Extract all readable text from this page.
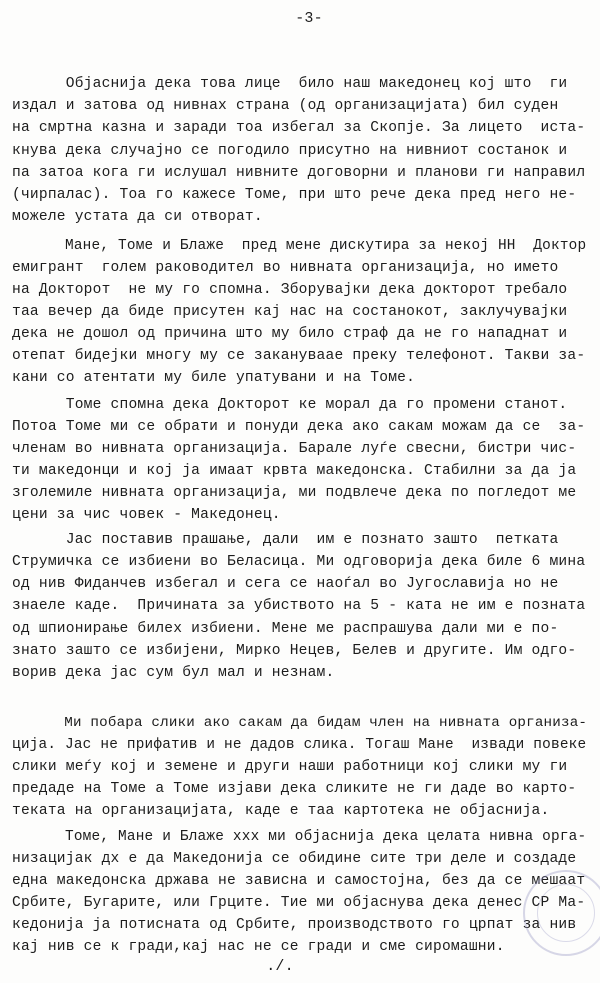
-3-
Објасниja дека това лице  било наш македонец кој што  ги
издал и затова од нивнах страна (од организацијата) бил суден
на смртна казна и заради тоа избегал за Скопје. За лицето  иста-
кнува дека случајно се погодило присутно на нивниот состанок и
па затоа кога ги ислушал нивните договорни и планови ги направил
(чирпалас). Тоа го кажесе Томе, при што рече дека пред него не-
можеле устата да си отворат.
Мане, Томе и Блаже  пред мене дискутира за некој НН  Доктор
емигрант  голем раководител во нивната организација, но името
на Докторот  не му го спомна. Зборувајки дека докторот требало
таа вечер да биде присутен кај нас на состанокот, заклучувајки
дека не дошол од причина што му било страф да не го нападнат и
отепат бидејки многу му се закануваае преку телефонот. Такви за-
кани со атентати му биле упатувани и на Томе.
Томе спомна дека Докторот ке морал да го промени станот.
Потоа Томе ми се обрати и понуди дека ако сакам можам да се  за-
членам во нивната организација. Барале луѓе свесни, бистри чис-
ти македонци и кој ја имаат крвта македонска. Стабилни за да ја
зголемиле нивната организација, ми подвлече дека по погледот ме
цени за чис човек - Македонец.
Јас поставив прашање, дали  им е познато зашто  петката
Струмичка се избиени во Беласица. Ми одговорија дека биле 6 мина
од нив Фиданчев избегал и сега се наоѓал во Југославија но не
знаеле каде.  Причината за убиството на 5 - ката не им е позната
од шпионирање билех избиени. Мене ме распрашува дали ми е по-
знато зашто се избијени, Мирко Нецев, Белев и другите. Им одго-
ворив дека јас сум бул мал и незнам.
Ми побара слики ако сакам да бидам член на нивната организа-
ција. Јас не прифатив и не дадов слика. Тогаш Мане  извади повеке
слики меѓу кој и земене и други наши работници кој слики му ги
предаде на Томе а Томе изјави дека сликите не ги даде во карто-
теката на организацијата, каде е таа картотека не објасниja.
Томе, Мане и Блаже ххх ми објаснија дека целата нивна орга-
низацијак дх е да Македонија се обидине сите три деле и создаде
една македонска држава не зависна и самостојна, без да се мешаат
Србите, Бугарите, или Грците. Тие ми објаснува дека денес СР Ма-
кедонија ја потиснатa од Србите, производството го црпат за нив
кај нив се к гради,кај нас не се гради и сме сиромашни.
./.
